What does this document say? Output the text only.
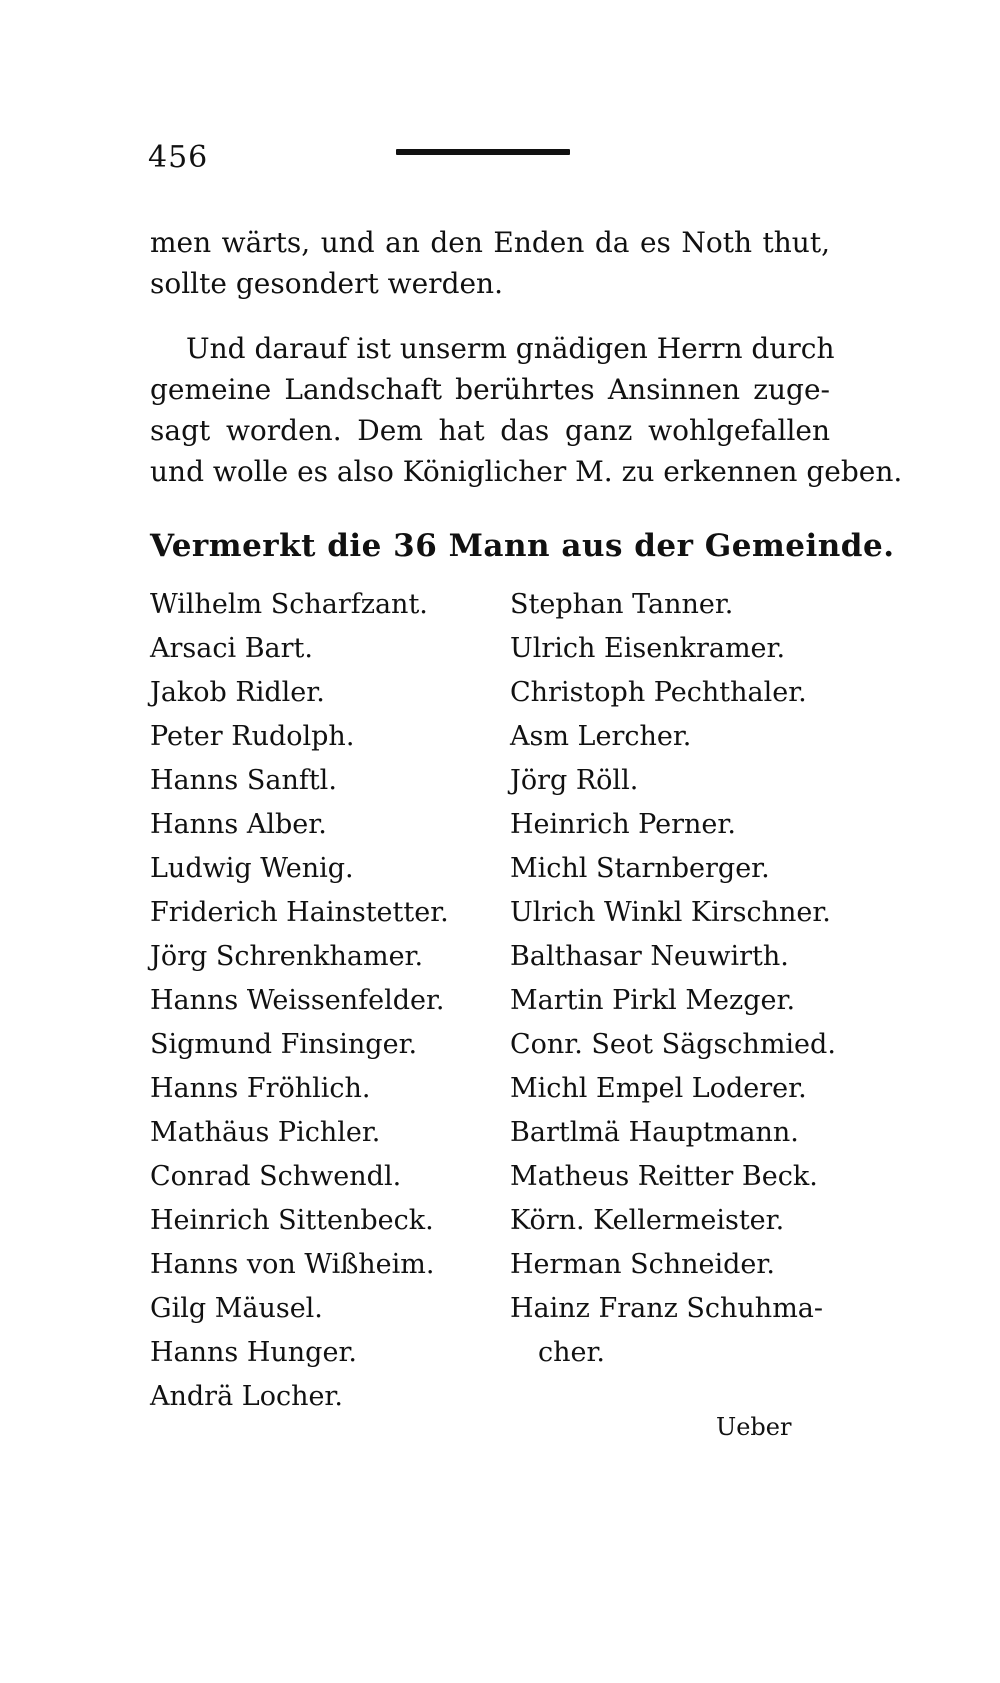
456
men wärts, und an den Enden da es Noth thut,
sollte gesondert werden.
Und darauf ist unserm gnädigen Herrn durch
gemeine Landschaft berührtes Ansinnen zuge-
sagt worden. Dem hat das ganz wohlgefallen
und wolle es also Königlicher M. zu erkennen geben.
Vermerkt die 36 Mann aus der Gemeinde.
Wilhelm Scharfzant.
Arsaci Bart.
Jakob Ridler.
Peter Rudolph.
Hanns Sanftl.
Hanns Alber.
Ludwig Wenig.
Friderich Hainstetter.
Jörg Schrenkhamer.
Hanns Weissenfelder.
Sigmund Finsinger.
Hanns Fröhlich.
Mathäus Pichler.
Conrad Schwendl.
Heinrich Sittenbeck.
Hanns von Wißheim.
Gilg Mäusel.
Hanns Hunger.
Andrä Locher.
Stephan Tanner.
Ulrich Eisenkramer.
Christoph Pechthaler.
Asm Lercher.
Jörg Röll.
Heinrich Perner.
Michl Starnberger.
Ulrich Winkl Kirschner.
Balthasar Neuwirth.
Martin Pirkl Mezger.
Conr. Seot Sägschmied.
Michl Empel Loderer.
Bartlmä Hauptmann.
Matheus Reitter Beck.
Körn. Kellermeister.
Herman Schneider.
Hainz Franz Schuhma-
cher.
Ueber
